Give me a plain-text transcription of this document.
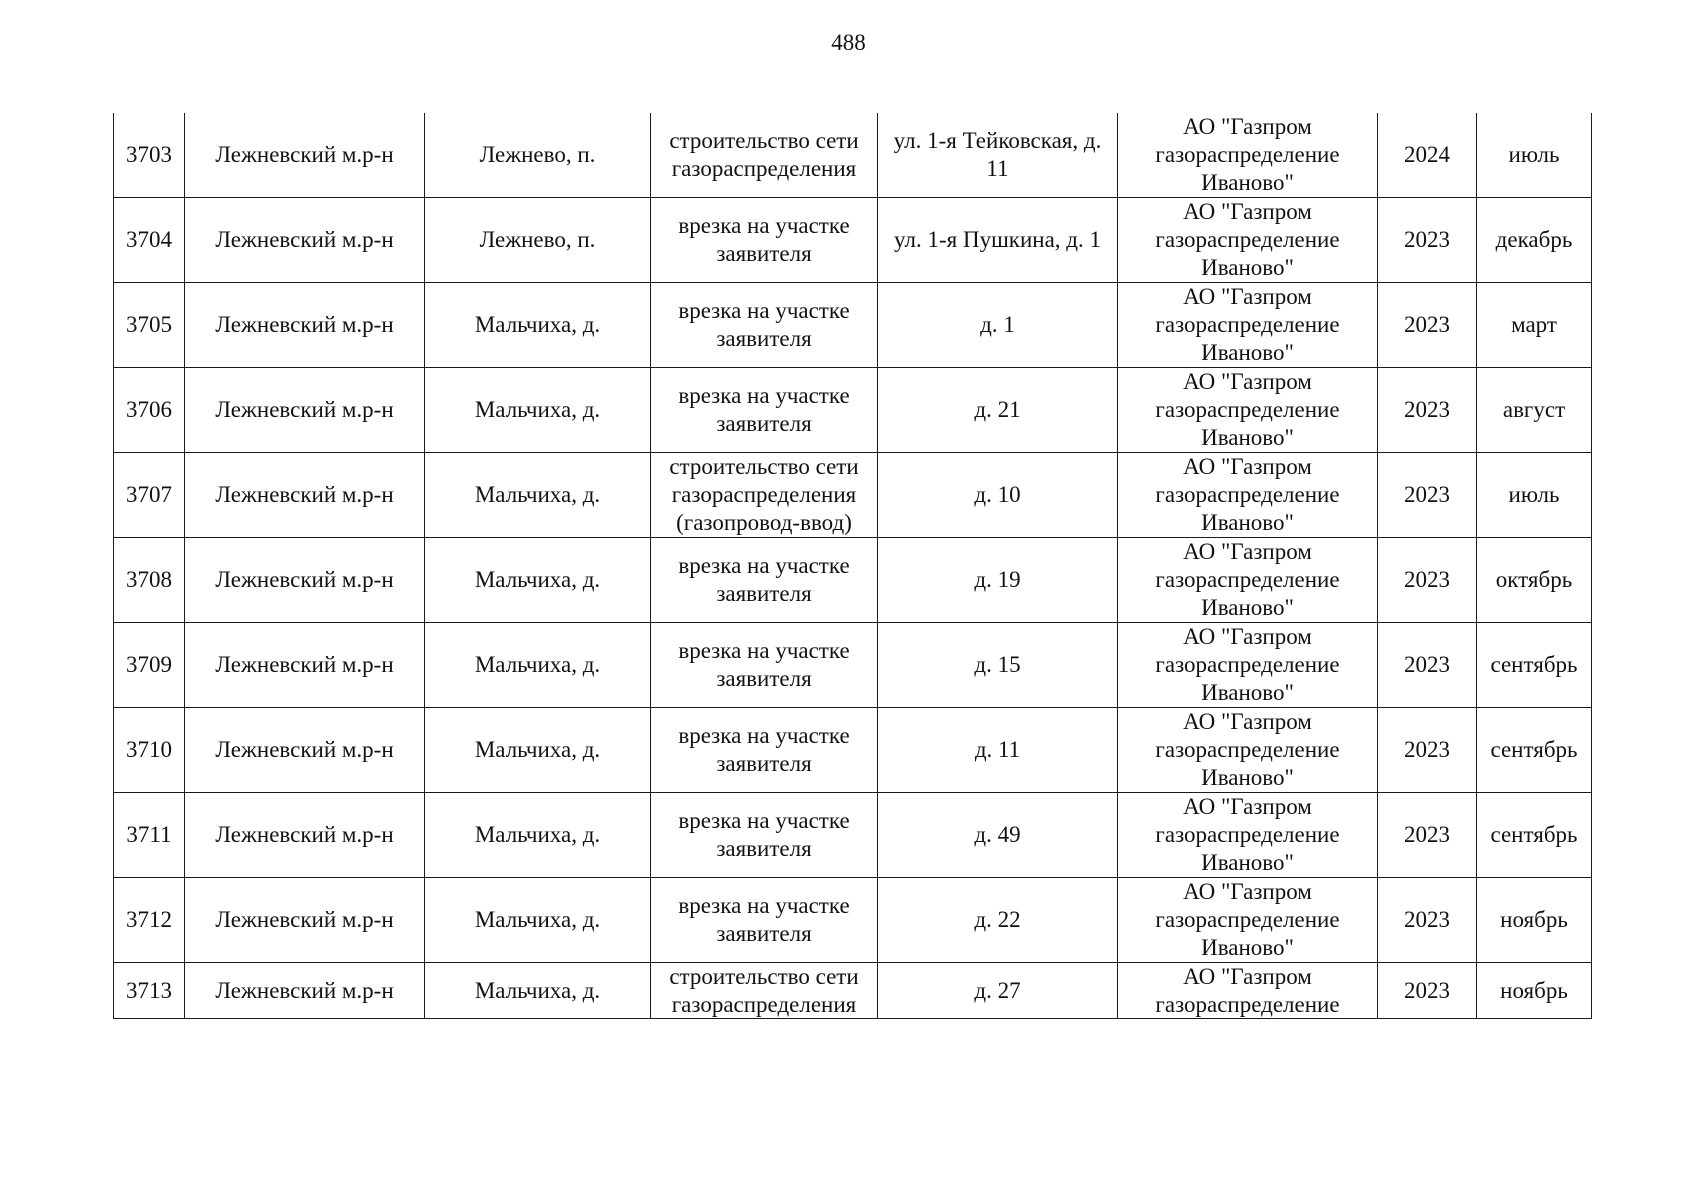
488
3703	Лежневский м.р-н	Лежнево, п.	строительство сети газораспределения	ул. 1-я Тейковская, д. 11	АО "Газпром газораспределение Иваново"	2024	июль
3704	Лежневский м.р-н	Лежнево, п.	врезка на участке заявителя	ул. 1-я Пушкина, д. 1	АО "Газпром газораспределение Иваново"	2023	декабрь
3705	Лежневский м.р-н	Мальчиха, д.	врезка на участке заявителя	д. 1	АО "Газпром газораспределение Иваново"	2023	март
3706	Лежневский м.р-н	Мальчиха, д.	врезка на участке заявителя	д. 21	АО "Газпром газораспределение Иваново"	2023	август
3707	Лежневский м.р-н	Мальчиха, д.	строительство сети газораспределения (газопровод-ввод)	д. 10	АО "Газпром газораспределение Иваново"	2023	июль
3708	Лежневский м.р-н	Мальчиха, д.	врезка на участке заявителя	д. 19	АО "Газпром газораспределение Иваново"	2023	октябрь
3709	Лежневский м.р-н	Мальчиха, д.	врезка на участке заявителя	д. 15	АО "Газпром газораспределение Иваново"	2023	сентябрь
3710	Лежневский м.р-н	Мальчиха, д.	врезка на участке заявителя	д. 11	АО "Газпром газораспределение Иваново"	2023	сентябрь
3711	Лежневский м.р-н	Мальчиха, д.	врезка на участке заявителя	д. 49	АО "Газпром газораспределение Иваново"	2023	сентябрь
3712	Лежневский м.р-н	Мальчиха, д.	врезка на участке заявителя	д. 22	АО "Газпром газораспределение Иваново"	2023	ноябрь
3713	Лежневский м.р-н	Мальчиха, д.	строительство сети газораспределения	д. 27	АО "Газпром газораспределение	2023	ноябрь
